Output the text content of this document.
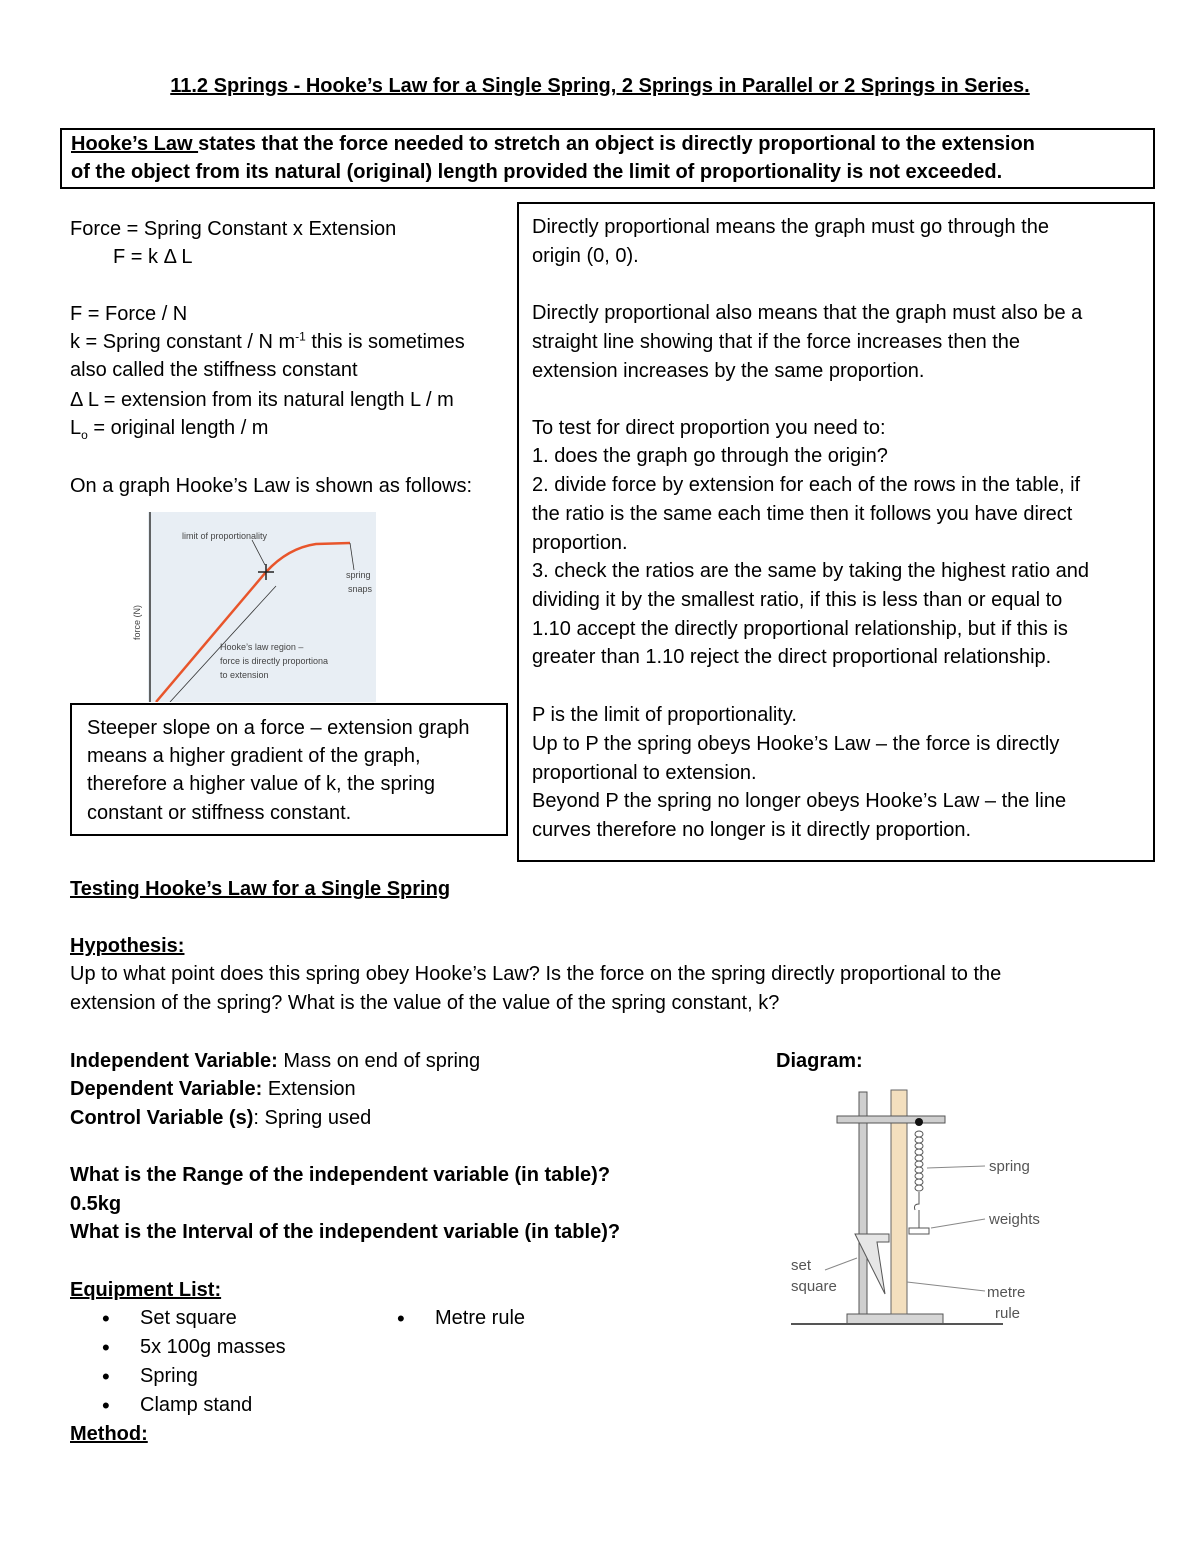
11.2 Springs - Hooke’s Law for a Single Spring, 2 Springs in Parallel or 2 Springs in Series.
Hooke’s Law states that the force needed to stretch an object is directly proportional to the extension
of the object from its natural (original) length provided the limit of proportionality is not exceeded.
Force = Spring Constant x Extension
F = k Δ L
F = Force / N
k = Spring constant / N $m^{-1}$ this is sometimes
also called the stiffness constant
Δ L = extension from its natural length L / m
$L_o$ = original length / m
On a graph Hooke’s Law is shown as follows:
limit of proportionality
spring
snaps
force (N)
Hooke’s law region –
force is directly proportiona
to extension
Steeper slope on a force – extension graph
means a higher gradient of the graph,
therefore a higher value of k, the spring
constant or stiffness constant.
Directly proportional means the graph must go through the
origin (0, 0).
Directly proportional also means that the graph must also be a
straight line showing that if the force increases then the
extension increases by the same proportion.
To test for direct proportion you need to:
1. does the graph go through the origin?
2. divide force by extension for each of the rows in the table, if
the ratio is the same each time then it follows you have direct
proportion.
3. check the ratios are the same by taking the highest ratio and
dividing it by the smallest ratio, if this is less than or equal to
1.10 accept the directly proportional relationship, but if this is
greater than 1.10 reject the direct proportional relationship.
P is the limit of proportionality.
Up to P the spring obeys Hooke’s Law – the force is directly
proportional to extension.
Beyond P the spring no longer obeys Hooke’s Law – the line
curves therefore no longer is it directly proportion.
Testing Hooke’s Law for a Single Spring
Hypothesis:
Up to what point does this spring obey Hooke’s Law? Is the force on the spring directly proportional to the
extension of the spring? What is the value of the value of the spring constant, k?
Independent Variable: Mass on end of spring
Dependent Variable: Extension
Control Variable (s): Spring used
What is the Range of the independent variable (in table)?
0.5kg
What is the Interval of the independent variable (in table)?
Equipment List:
• Set square
• 5x 100g masses
• Spring
• Clamp stand
• Metre rule
Method:
Diagram:
spring
weights
set
square	metre
rule
